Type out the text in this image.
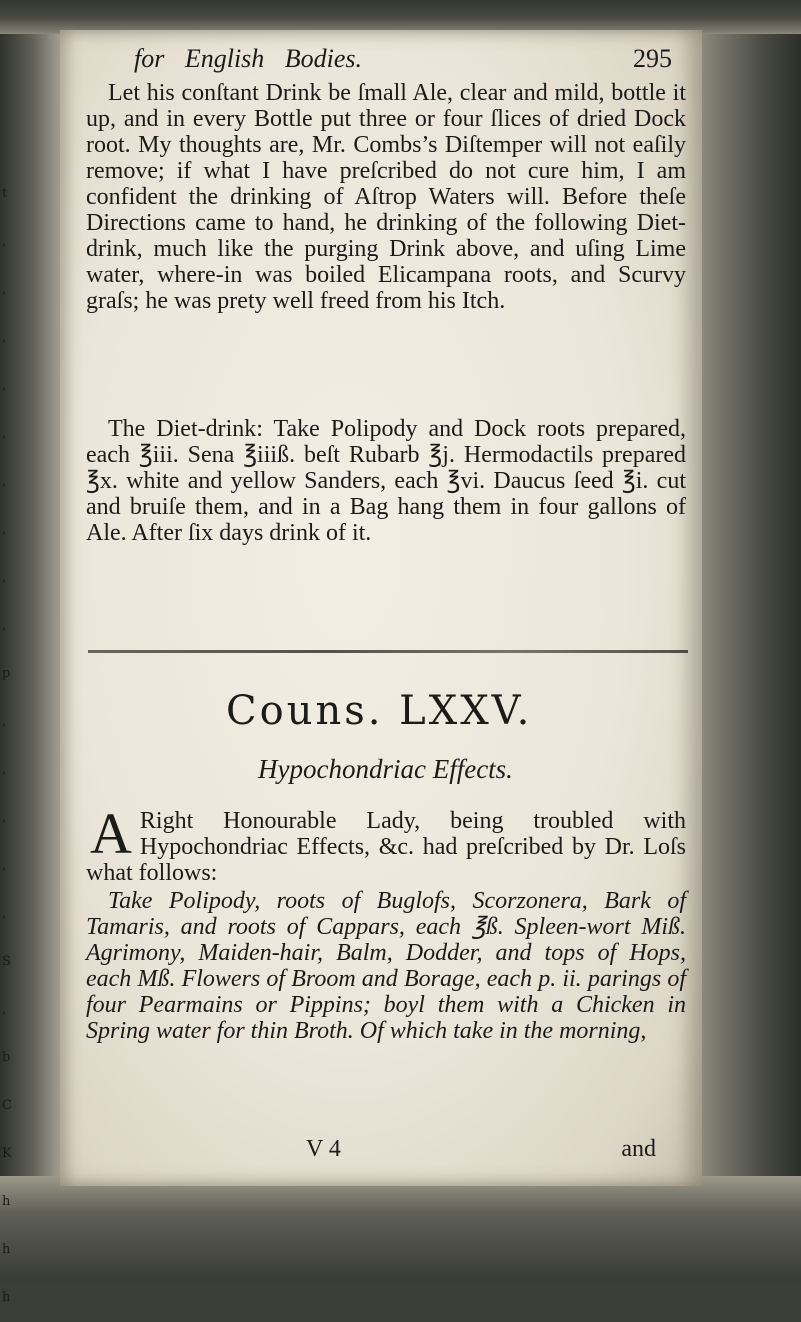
t
,
,
,
,
,
,
,
,
,
p
,
,
,
,
,
S
,
b
C
K
h
h
h
for English Bodies.	295
Let his conſtant Drink be ſmall Ale, clear and mild, bottle it up, and in every Bottle put three or four ſlices of dried Dock root. My thoughts are, Mr. Combs’s Diſtemper will not eaſily remove; if what I have preſcribed do not cure him, I am confident the drinking of Aſtrop Waters will. Before theſe Directions came to hand, he drinking of the following Diet-drink, much like the purging Drink above, and uſing Lime water, where-in was boiled Elicampana roots, and Scurvy graſs; he was prety well freed from his Itch.
The Diet-drink: Take Polipody and Dock roots prepared, each ℥iii. Sena ℥iiiß. beſt Rubarb ℥j. Hermodactils prepared ℥x. white and yellow Sanders, each ℥vi. Daucus ſeed ℥i. cut and bruiſe them, and in a Bag hang them in four gallons of Ale. After ſix days drink of it.
Couns. LXXV.
Hypochondriac Effects.
A Right Honourable Lady, being troubled with Hypochondriac Effects, &c. had preſcribed by Dr. Loſs what follows:
Take Polipody, roots of Buglofs, Scorzonera, Bark of Tamaris, and roots of Cappars, each ℥ß. Spleen-wort Miß. Agrimony, Maiden-hair, Balm, Dodder, and tops of Hops, each Mß. Flowers of Broom and Borage, each p. ii. parings of four Pearmains or Pippins; boyl them with a Chicken in Spring water for thin Broth. Of which take in the morning,
V 4	and
